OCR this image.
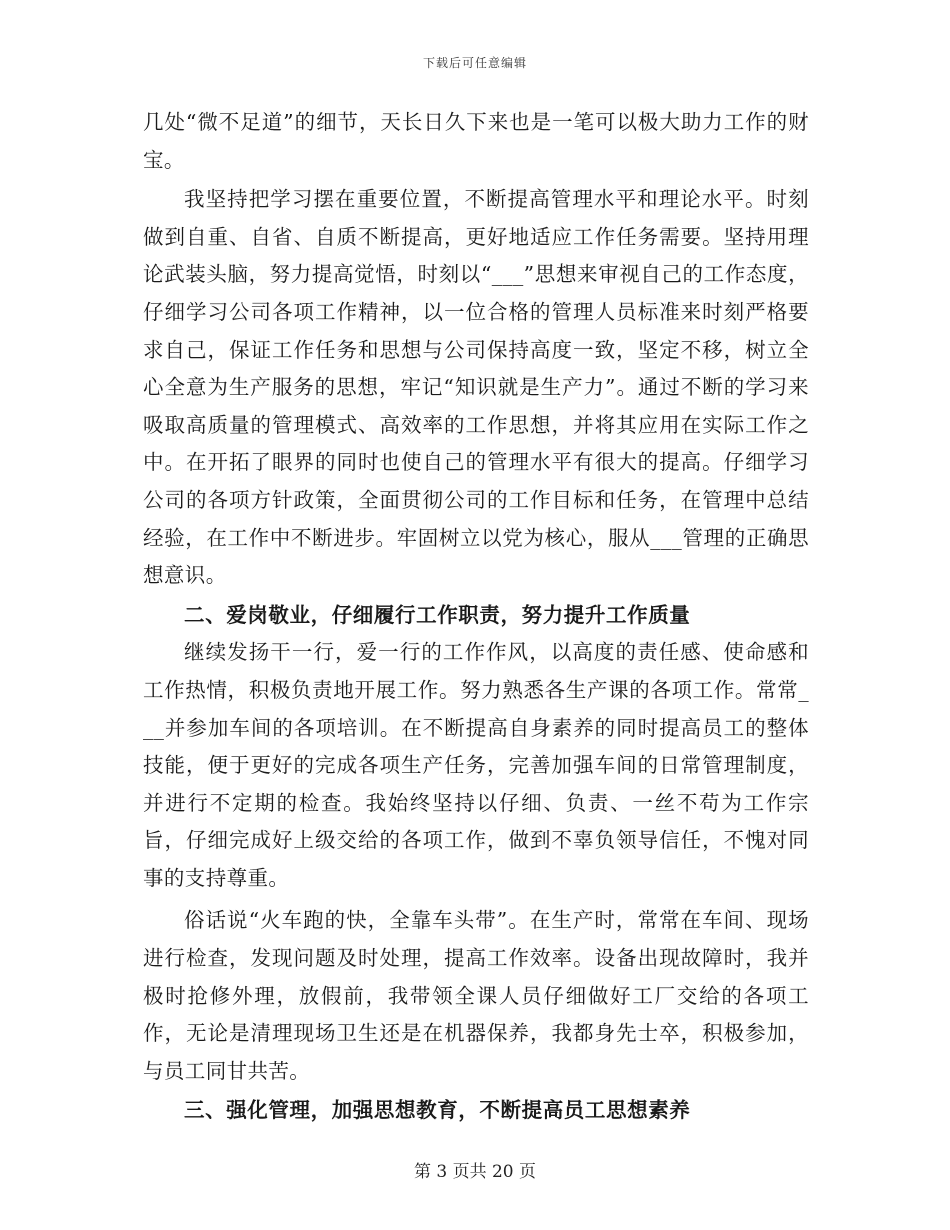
下载后可任意编辑

几处“微不足道”的细节，天长日久下来也是一笔可以极大助力工作的财宝。

我坚持把学习摆在重要位置，不断提高管理水平和理论水平。时刻做到自重、自省、自质不断提高，更好地适应工作任务需要。坚持用理论武装头脑，努力提高觉悟，时刻以“___”思想来审视自己的工作态度，仔细学习公司各项工作精神，以一位合格的管理人员标准来时刻严格要求自己，保证工作任务和思想与公司保持高度一致，坚定不移，树立全心全意为生产服务的思想，牢记“知识就是生产力”。通过不断的学习来吸取高质量的管理模式、高效率的工作思想，并将其应用在实际工作之中。在开拓了眼界的同时也使自己的管理水平有很大的提高。仔细学习公司的各项方针政策，全面贯彻公司的工作目标和任务，在管理中总结经验，在工作中不断进步。牢固树立以党为核心，服从___管理的正确思想意识。

二、爱岗敬业，仔细履行工作职责，努力提升工作质量

继续发扬干一行，爱一行的工作作风，以高度的责任感、使命感和工作热情，积极负责地开展工作。努力熟悉各生产课的各项工作。常常___并参加车间的各项培训。在不断提高自身素养的同时提高员工的整体技能，便于更好的完成各项生产任务，完善加强车间的日常管理制度，并进行不定期的检查。我始终坚持以仔细、负责、一丝不苟为工作宗旨，仔细完成好上级交给的各项工作，做到不辜负领导信任，不愧对同事的支持尊重。

俗话说“火车跑的快，全靠车头带”。在生产时，常常在车间、现场进行检查，发现问题及时处理，提高工作效率。设备出现故障时，我并极时抢修外理，放假前，我带领全课人员仔细做好工厂交给的各项工作，无论是清理现场卫生还是在机器保养，我都身先士卒，积极参加，与员工同甘共苦。

三、强化管理，加强思想教育，不断提高员工思想素养

第 3 页共 20 页
